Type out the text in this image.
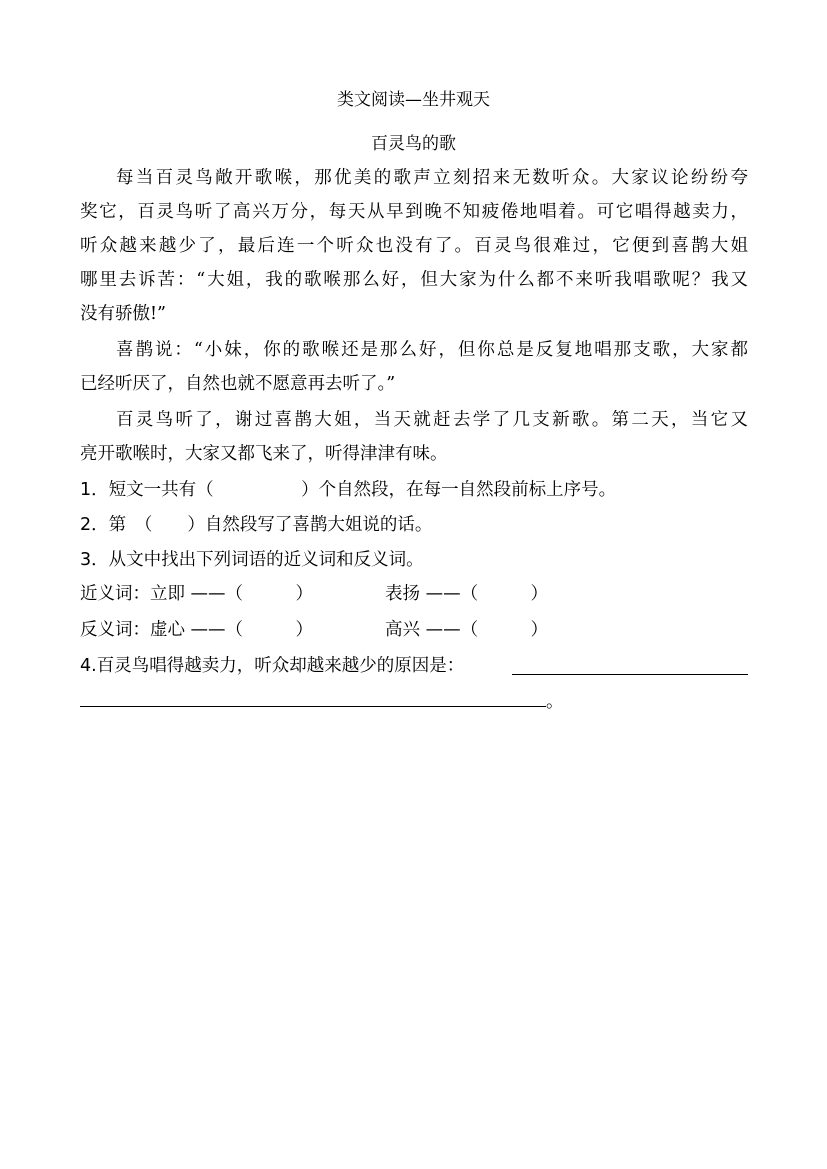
类文阅读—坐井观天
百灵鸟的歌
每当百灵鸟敞开歌喉，那优美的歌声立刻招来无数听众。大家议论纷纷夸
奖它，百灵鸟听了高兴万分，每天从早到晚不知疲倦地唱着。可它唱得越卖力，
听众越来越少了，最后连一个听众也没有了。百灵鸟很难过，它便到喜鹊大姐
哪里去诉苦：“大姐，我的歌喉那么好，但大家为什么都不来听我唱歌呢？我又
没有骄傲!”
喜鹊说：“小妹，你的歌喉还是那么好，但你总是反复地唱那支歌，大家都
已经听厌了，自然也就不愿意再去听了。”
百灵鸟听了，谢过喜鹊大姐，当天就赶去学了几支新歌。第二天，当它又
亮开歌喉时，大家又都飞来了，听得津津有味。
1．短文一共有（　　　　　）个自然段，在每一自然段前标上序号。
2．第　（　　）自然段写了喜鹊大姐说的话。
3．从文中找出下列词语的近义词和反义词。
近义词：立即 ——（　　　）	表扬 ——（　　　）
反义词：虚心 ——（　　　）	高兴 ——（　　　）
4.百灵鸟唱得越卖力，听众却越来越少的原因是：
。
